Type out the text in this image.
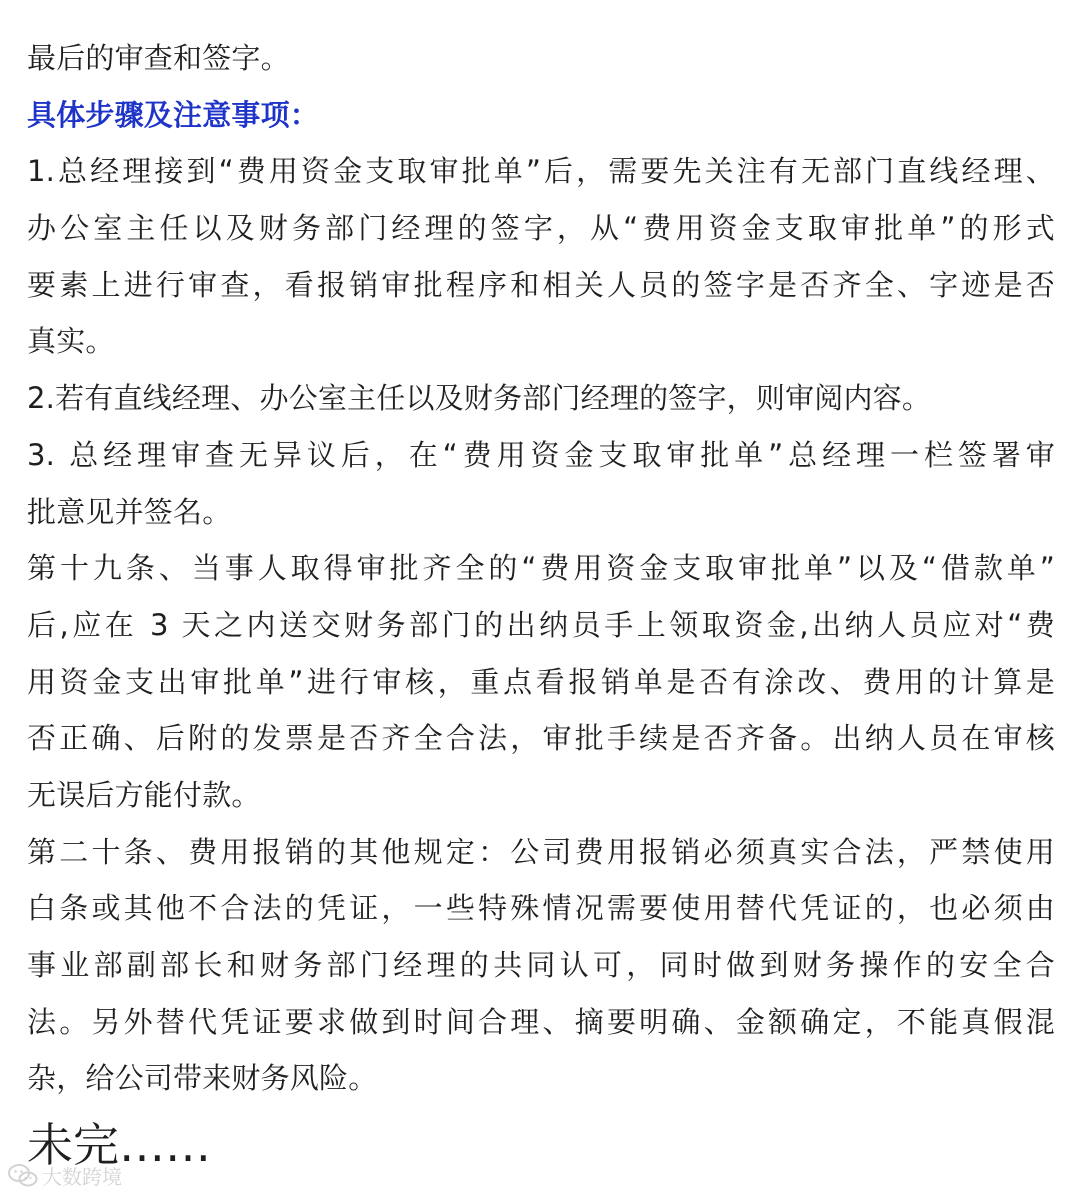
最后的审查和签字。
具体步骤及注意事项：
1.总经理接到“费用资金支取审批单”后，需要先关注有无部门直线经理、
办公室主任以及财务部门经理的签字，从“费用资金支取审批单”的形式
要素上进行审查，看报销审批程序和相关人员的签字是否齐全、字迹是否
真实。
2.若有直线经理、办公室主任以及财务部门经理的签字，则审阅内容。
3. 总经理审查无异议后，在“费用资金支取审批单”总经理一栏签署审
批意见并签名。
第十九条、当事人取得审批齐全的“费用资金支取审批单”以及“借款单”
后,应在 3 天之内送交财务部门的出纳员手上领取资金,出纳人员应对“费
用资金支出审批单”进行审核，重点看报销单是否有涂改、费用的计算是
否正确、后附的发票是否齐全合法，审批手续是否齐备。出纳人员在审核
无误后方能付款。
第二十条、费用报销的其他规定：公司费用报销必须真实合法，严禁使用
白条或其他不合法的凭证，一些特殊情况需要使用替代凭证的，也必须由
事业部副部长和财务部门经理的共同认可，同时做到财务操作的安全合
法。另外替代凭证要求做到时间合理、摘要明确、金额确定，不能真假混
杂，给公司带来财务风险。
未完……
大数跨境
